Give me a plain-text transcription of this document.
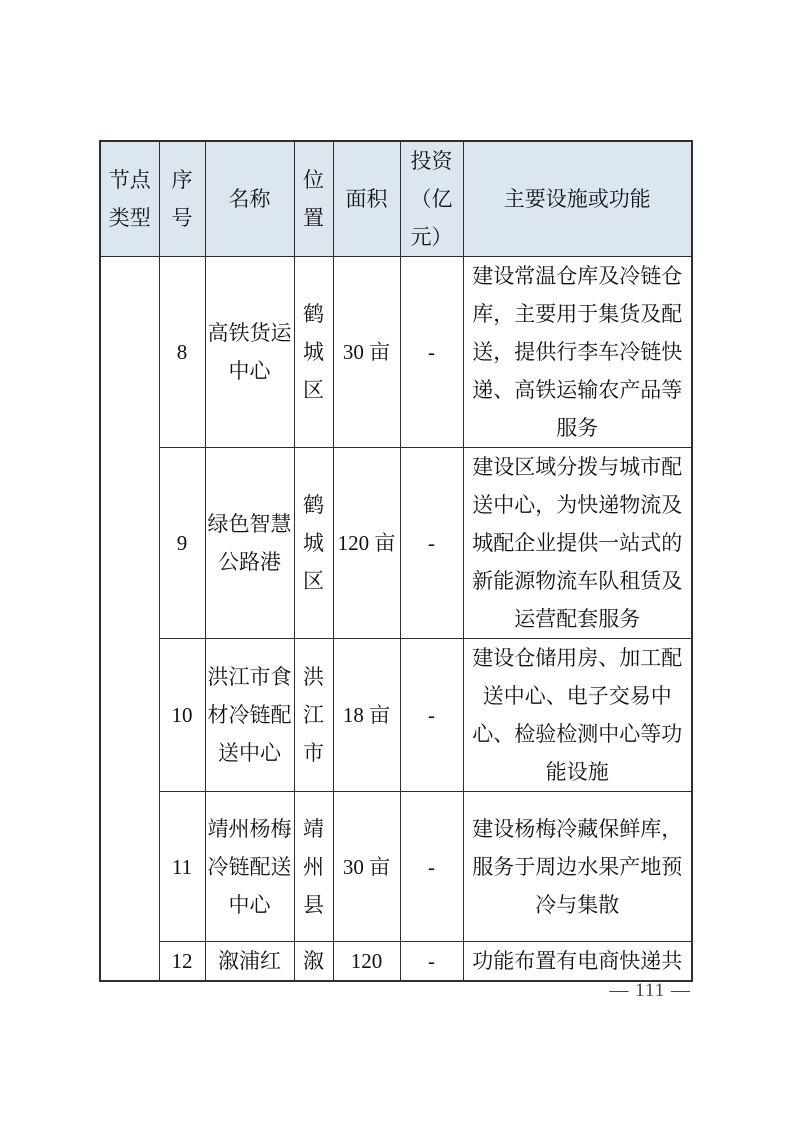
节点类型	序号	名称	位置	面积	投资（亿元）	主要设施或功能
	8	高铁货运中心	鹤城区	30 亩	-	建设常温仓库及冷链仓库，主要用于集货及配送，提供行李车冷链快递、高铁运输农产品等服务
	9	绿色智慧公路港	鹤城区	120 亩	-	建设区域分拨与城市配送中心，为快递物流及城配企业提供一站式的新能源物流车队租赁及运营配套服务
	10	洪江市食材冷链配送中心	洪江市	18 亩	-	建设仓储用房、加工配送中心、电子交易中心、检验检测中心等功能设施
	11	靖州杨梅冷链配送中心	靖州县	30 亩	-	建设杨梅冷藏保鲜库，服务于周边水果产地预冷与集散
	12	溆浦红	溆	120	-	功能布置有电商快递共
— 111 —
